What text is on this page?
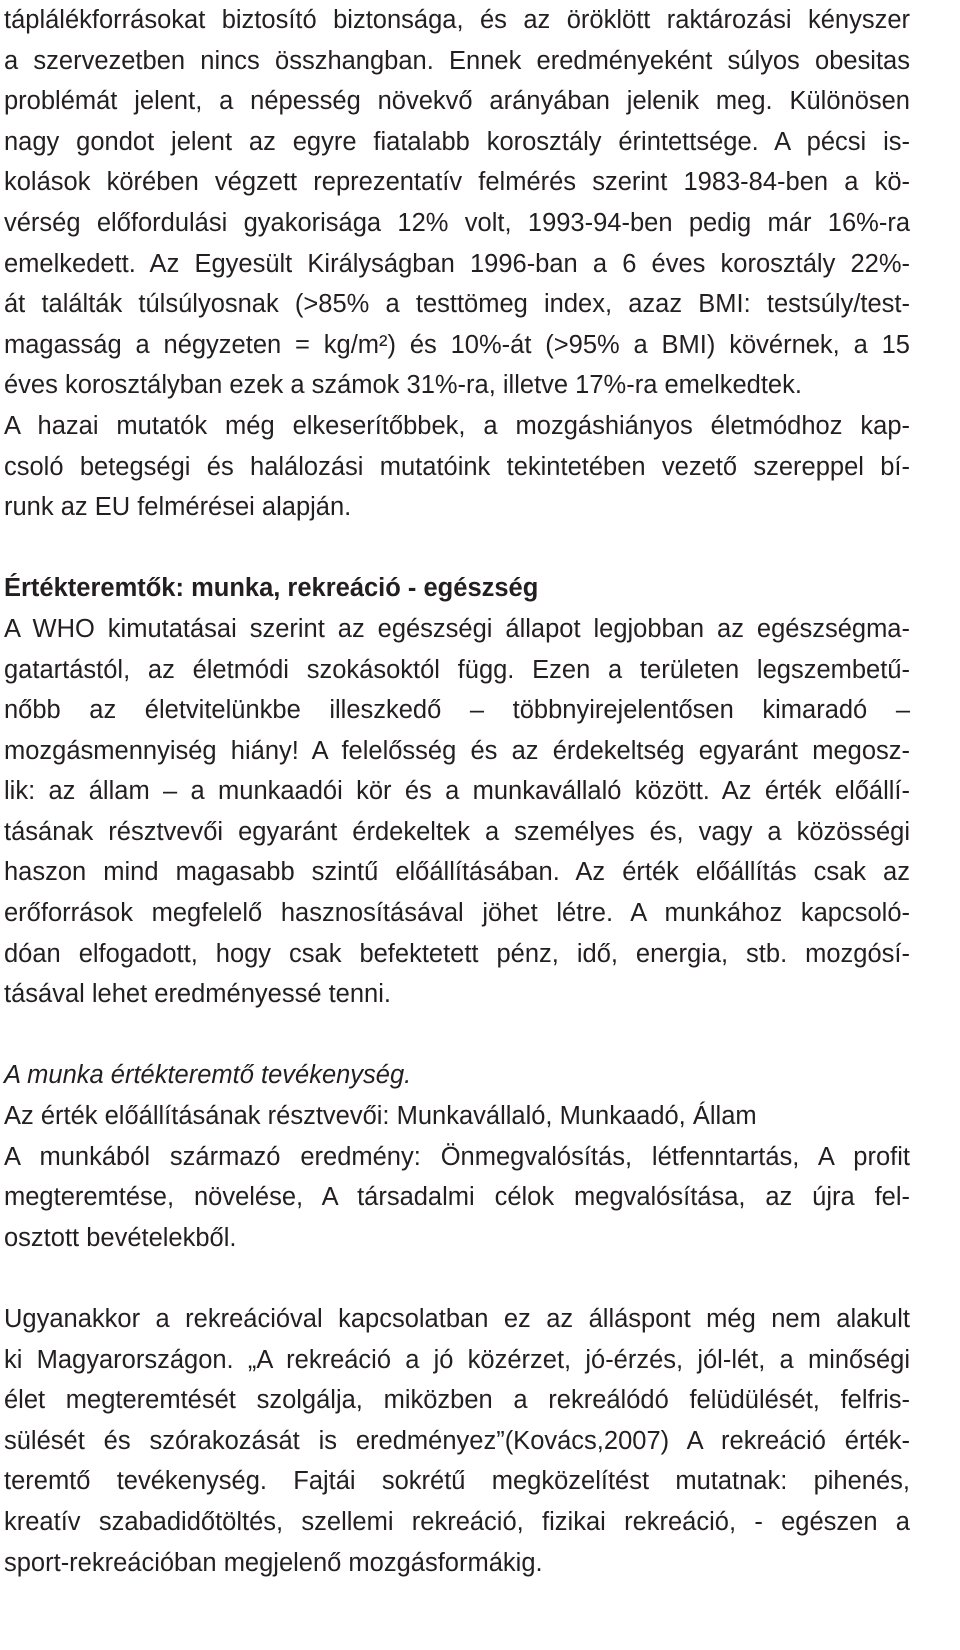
táplálékforrásokat biztosító biztonsága, és az öröklött raktározási kényszer
a szervezetben nincs összhangban. Ennek eredményeként súlyos obesitas
problémát jelent, a népesség növekvő arányában jelenik meg. Különösen
nagy gondot jelent az egyre fiatalabb korosztály érintettsége. A pécsi is-
kolások körében végzett reprezentatív felmérés szerint 1983-84-ben a kö-
vérség előfordulási gyakorisága 12% volt, 1993-94-ben pedig már 16%-ra
emelkedett. Az Egyesült Királyságban 1996-ban a 6 éves korosztály 22%-
át találták túlsúlyosnak (>85% a testtömeg index, azaz BMI: testsúly/test-
magasság a négyzeten = kg/m²) és 10%-át (>95% a BMI) kövérnek, a 15
éves korosztályban ezek a számok 31%-ra, illetve 17%-ra emelkedtek.
A hazai mutatók még elkeserítőbbek, a mozgáshiányos életmódhoz kap-
csoló betegségi és halálozási mutatóink tekintetében vezető szereppel bí-
runk az EU felmérései alapján.
Értékteremtők: munka, rekreáció - egészség
A WHO kimutatásai szerint az egészségi állapot legjobban az egészségma-
gatartástól, az életmódi szokásoktól függ. Ezen a területen legszembetű-
nőbb az életvitelünkbe illeszkedő – többnyirejelentősen kimaradó –
mozgásmennyiség hiány! A felelősség és az érdekeltség egyaránt megosz-
lik: az állam – a munkaadói kör és a munkavállaló között. Az érték előállí-
tásának résztvevői egyaránt érdekeltek a személyes és, vagy a közösségi
haszon mind magasabb szintű előállításában. Az érték előállítás csak az
erőforrások megfelelő hasznosításával jöhet létre. A munkához kapcsoló-
dóan elfogadott, hogy csak befektetett pénz, idő, energia, stb. mozgósí-
tásával lehet eredményessé tenni.
A munka értékteremtő tevékenység.
Az érték előállításának résztvevői: Munkavállaló, Munkaadó, Állam
A munkából származó eredmény: Önmegvalósítás, létfenntartás, A profit
megteremtése, növelése, A társadalmi célok megvalósítása, az újra fel-
osztott bevételekből.
Ugyanakkor a rekreációval kapcsolatban ez az álláspont még nem alakult
ki Magyarországon. „A rekreáció a jó közérzet, jó-érzés, jól-lét, a minőségi
élet megteremtését szolgálja, miközben a rekreálódó felüdülését, felfris-
sülését és szórakozását is eredményez”(Kovács,2007) A rekreáció érték-
teremtő tevékenység. Fajtái sokrétű megközelítést mutatnak: pihenés,
kreatív szabadidőtöltés, szellemi rekreáció, fizikai rekreáció, - egészen a
sport-rekreációban megjelenő mozgásformákig.
